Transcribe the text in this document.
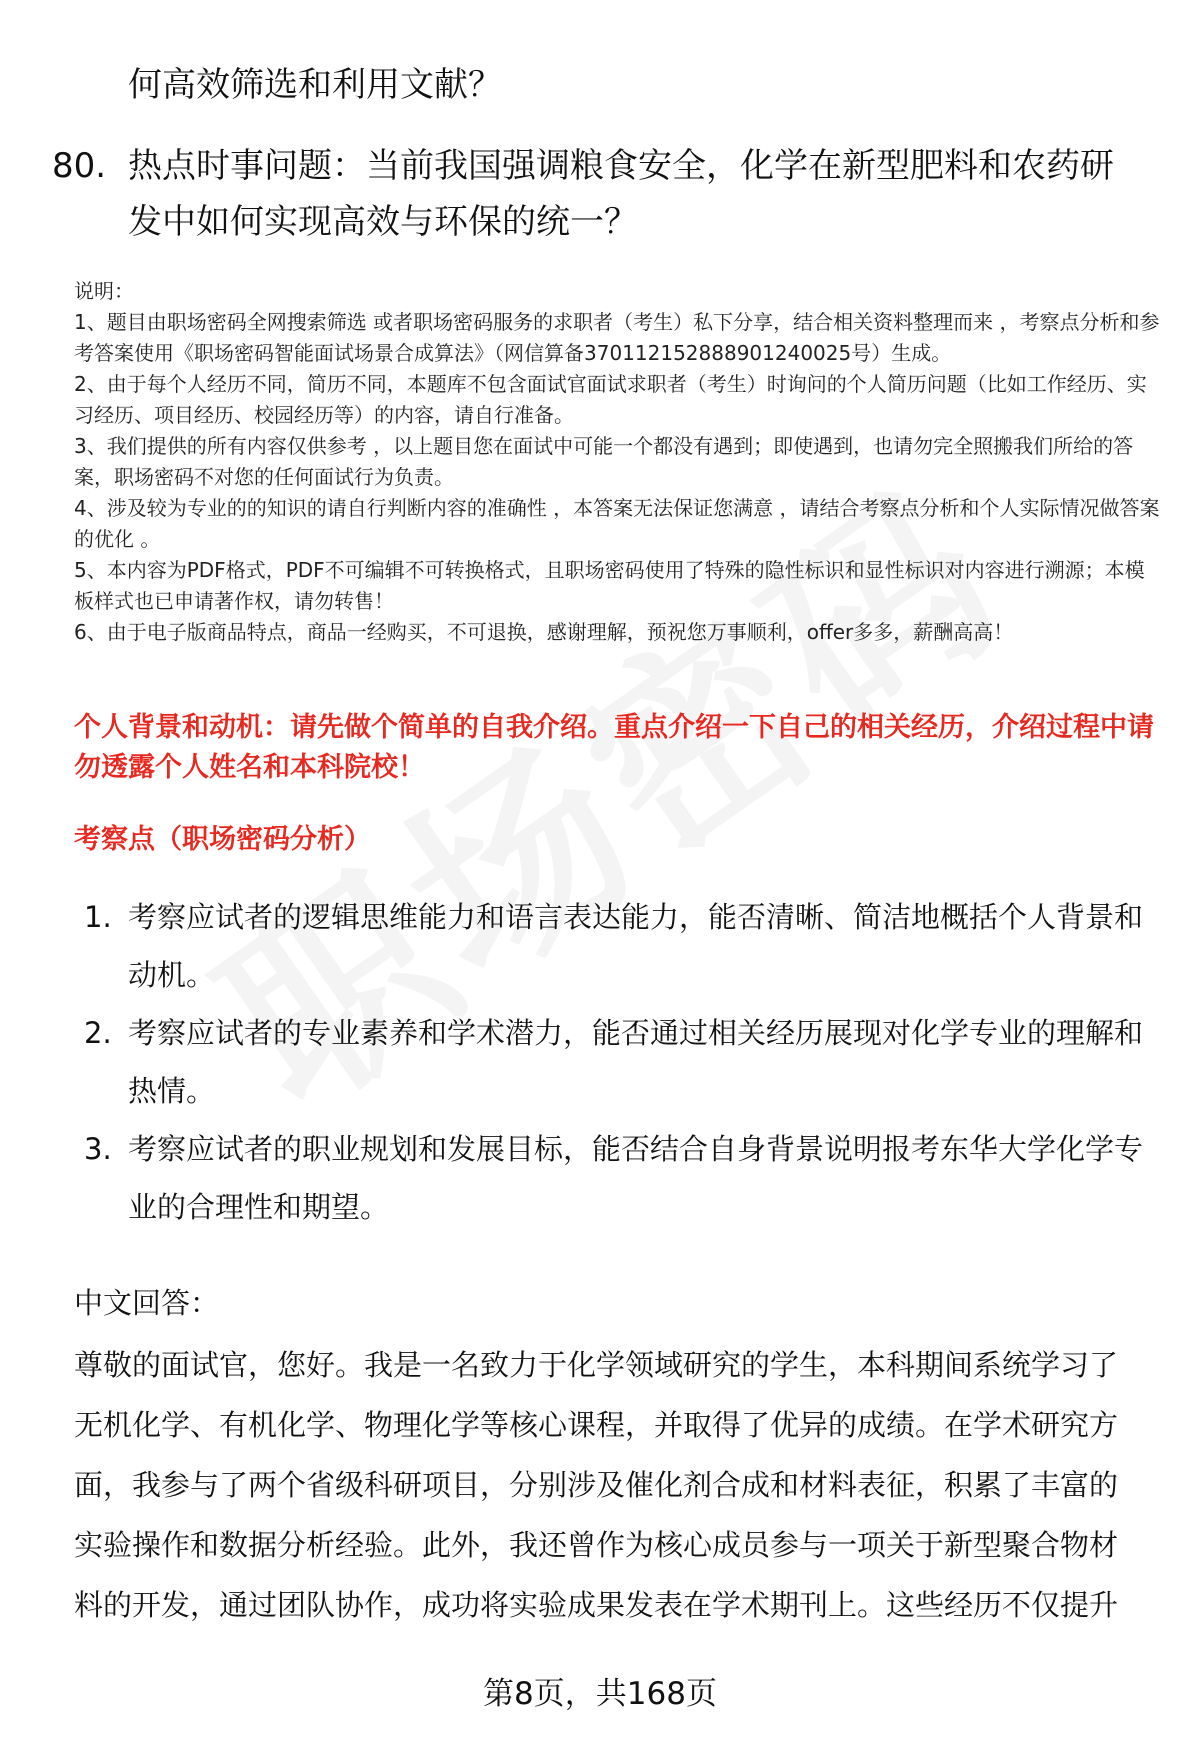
何高效筛选和利用文献？
80. 热点时事问题：当前我国强调粮食安全，化学在新型肥料和农药研发中如何实现高效与环保的统一？

说明：

1、题目由职场密码全网搜索筛选 或者职场密码服务的求职者（考生）私下分享，结合相关资料整理而来 ，考察点分析和参考答案使用《职场密码智能面试场景合成算法》（网信算备370112152888901240025号）生成。

2、由于每个人经历不同，简历不同，本题库不包含面试官面试求职者（考生）时询问的个人简历问题（比如工作经历、实习经历、项目经历、校园经历等）的内容，请自行准备。

3、我们提供的所有内容仅供参考 ，以上题目您在面试中可能一个都没有遇到；即使遇到，也请勿完全照搬我们所给的答案，职场密码不对您的任何面试行为负责。

4、涉及较为专业的的知识的请自行判断内容的准确性 ，本答案无法保证您满意 ，请结合考察点分析和个人实际情况做答案的优化 。

5、本内容为PDF格式，PDF不可编辑不可转换格式，且职场密码使用了特殊的隐性标识和显性标识对内容进行溯源；本模板样式也已申请著作权，请勿转售！

6、由于电子版商品特点，商品一经购买，不可退换，感谢理解，预祝您万事顺利，offer多多，薪酬高高！

个人背景和动机：请先做个简单的自我介绍。重点介绍一下自己的相关经历，介绍过程中请勿透露个人姓名和本科院校！
考察点（职场密码分析）
1. 考察应试者的逻辑思维能力和语言表达能力，能否清晰、简洁地概括个人背景和动机。
2. 考察应试者的专业素养和学术潜力，能否通过相关经历展现对化学专业的理解和热情。
3. 考察应试者的职业规划和发展目标，能否结合自身背景说明报考东华大学化学专业的合理性和期望。
中文回答：
尊敬的面试官，您好。我是一名致力于化学领域研究的学生，本科期间系统学习了无机化学、有机化学、物理化学等核心课程，并取得了优异的成绩。在学术研究方面，我参与了两个省级科研项目，分别涉及催化剂合成和材料表征，积累了丰富的实验操作和数据分析经验。此外，我还曾作为核心成员参与一项关于新型聚合物材料的开发，通过团队协作，成功将实验成果发表在学术期刊上。这些经历不仅提升
第8页，共168页
